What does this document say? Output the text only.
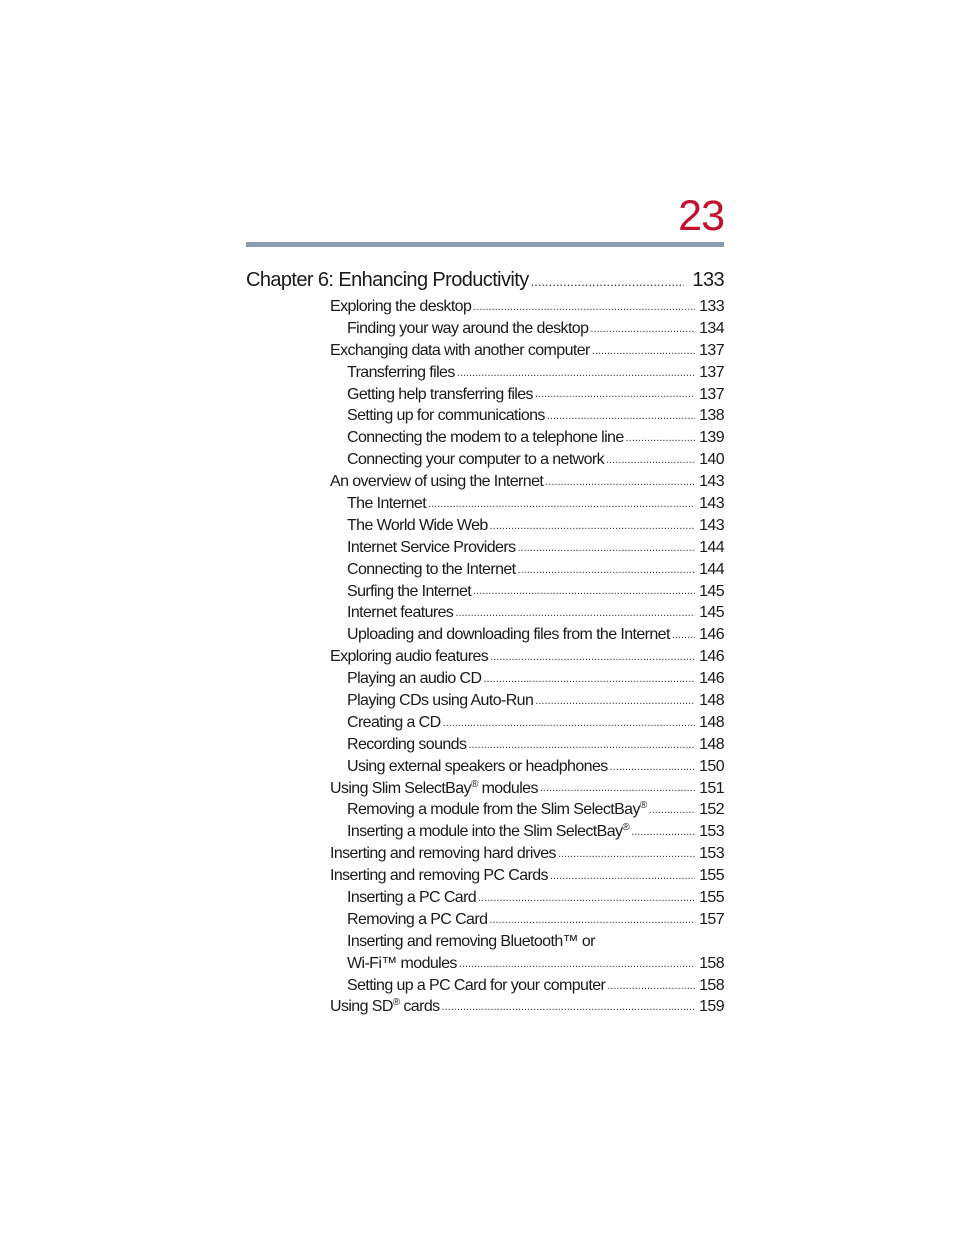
23
Chapter 6: Enhancing Productivity .....	133
Exploring the desktop .....	133
Finding your way around the desktop .....	134
Exchanging data with another computer .....	137
Transferring files .....	137
Getting help transferring files .....	137
Setting up for communications .....	138
Connecting the modem to a telephone line .....	139
Connecting your computer to a network .....	140
An overview of using the Internet .....	143
The Internet .....	143
The World Wide Web .....	143
Internet Service Providers .....	144
Connecting to the Internet .....	144
Surfing the Internet .....	145
Internet features .....	145
Uploading and downloading files from the Internet ..... 146
Exploring audio features .....	146
Playing an audio CD .....	146
Playing CDs using Auto-Run .....	148
Creating a CD .....	148
Recording sounds .....	148
Using external speakers or headphones .....	150
Using Slim SelectBay® modules .....	151
Removing a module from the Slim SelectBay® .....	152
Inserting a module into the Slim SelectBay® .....	153
Inserting and removing hard drives .....	153
Inserting and removing PC Cards .....	155
Inserting a PC Card .....	155
Removing a PC Card .....	157
Inserting and removing Bluetooth™ or
Wi-Fi™ modules .....	158
Setting up a PC Card for your computer .....	158
Using SD® cards .....	159
